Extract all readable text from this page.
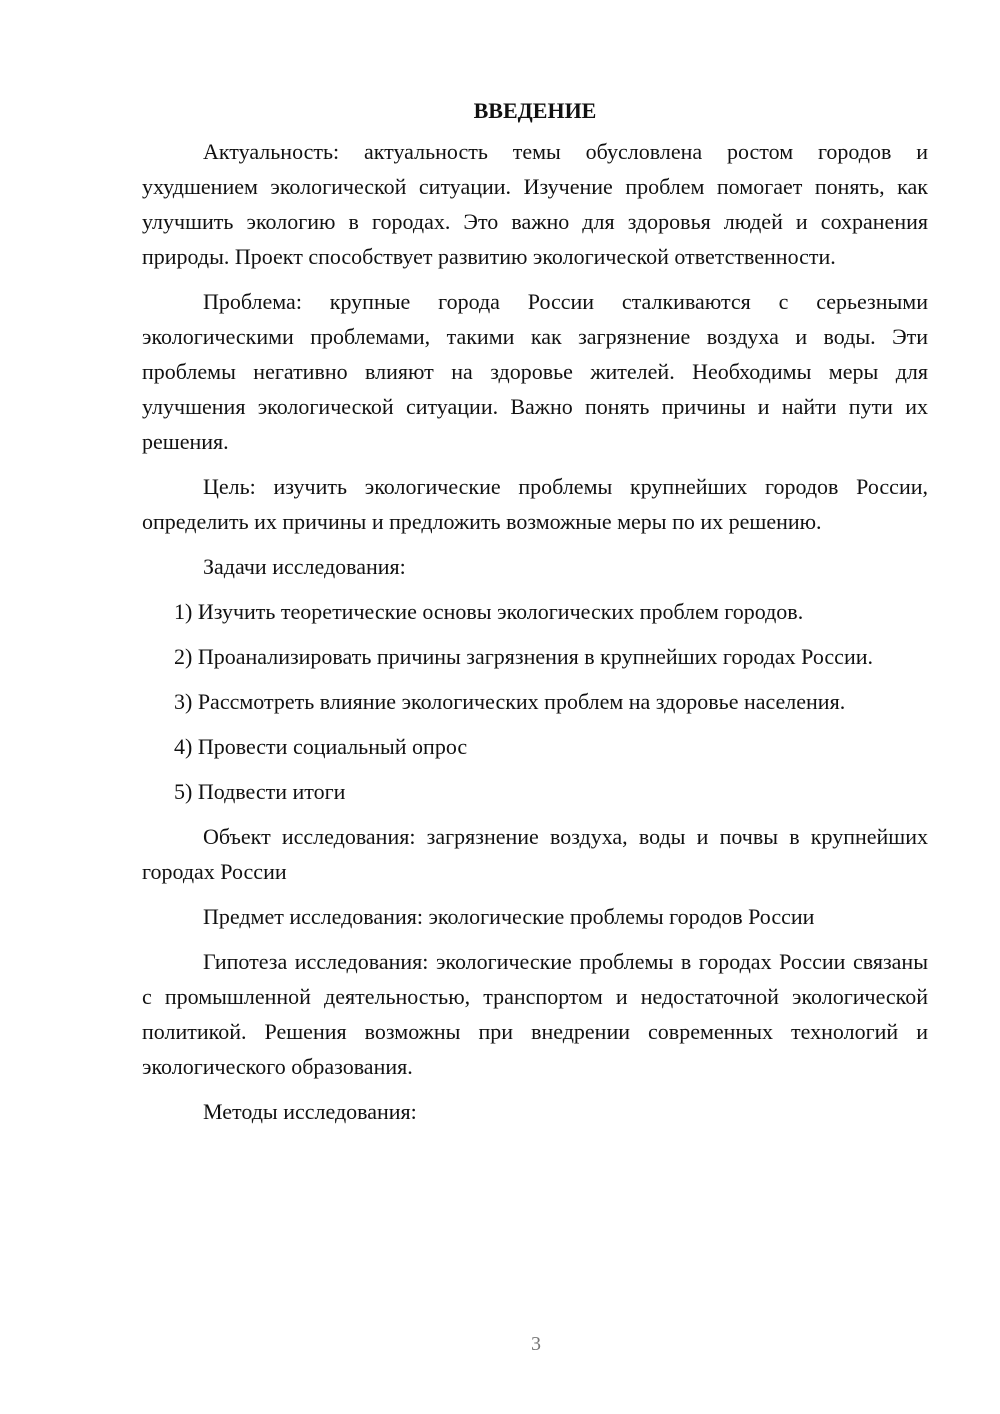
ВВЕДЕНИЕ

Актуальность: актуальность темы обусловлена ростом городов и ухудшением экологической ситуации. Изучение проблем помогает понять, как улучшить экологию в городах. Это важно для здоровья людей и сохранения природы. Проект способствует развитию экологической ответственности.

Проблема: крупные города России сталкиваются с серьезными экологическими проблемами, такими как загрязнение воздуха и воды. Эти проблемы негативно влияют на здоровье жителей. Необходимы меры для улучшения экологической ситуации. Важно понять причины и найти пути их решения.

Цель: изучить экологические проблемы крупнейших городов России, определить их причины и предложить возможные меры по их решению.

Задачи исследования:

1) Изучить теоретические основы экологических проблем городов.

2) Проанализировать причины загрязнения в крупнейших городах России.

3) Рассмотреть влияние экологических проблем на здоровье населения.

4) Провести социальный опрос

5) Подвести итоги

Объект исследования: загрязнение воздуха, воды и почвы в крупнейших городах России

Предмет исследования: экологические проблемы городов России

Гипотеза исследования: экологические проблемы в городах России связаны с промышленной деятельностью, транспортом и недостаточной экологической политикой. Решения возможны при внедрении современных технологий и экологического образования.

Методы исследования:

3
